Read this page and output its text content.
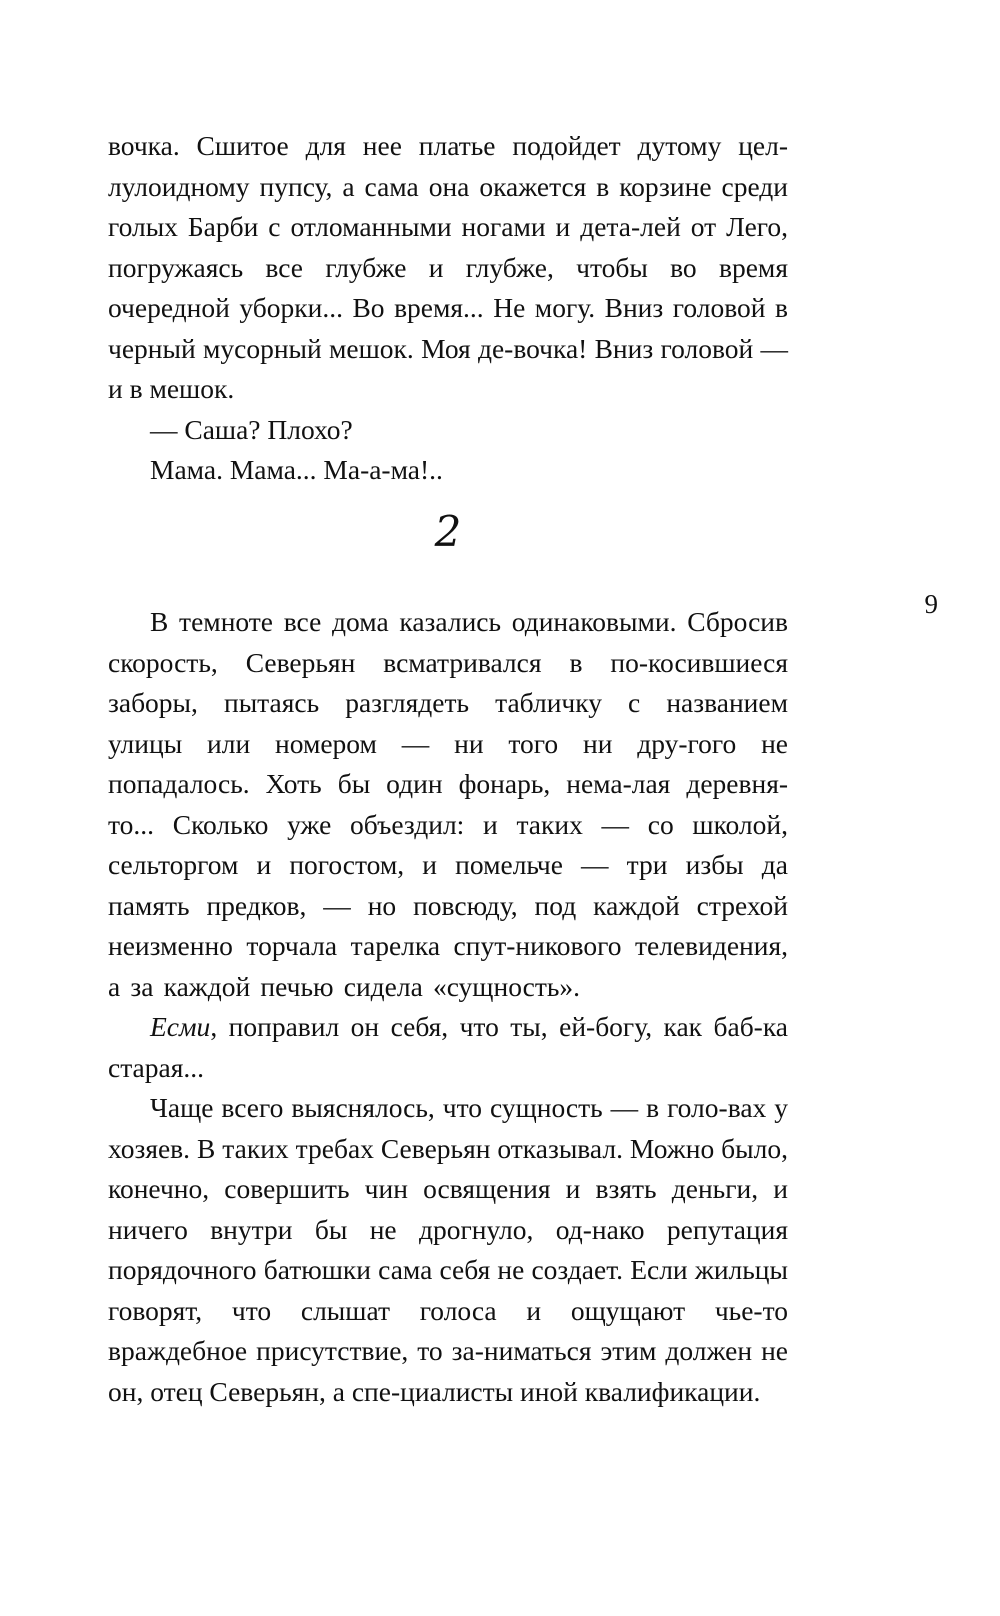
вочка. Сшитое для нее платье подойдет дутому цел-лулоидному пупсу, а сама она окажется в корзине среди голых Барби с отломанными ногами и дета-лей от Лего, погружаясь все глубже и глубже, чтобы во время очередной уборки... Во время... Не могу. Вниз головой в черный мусорный мешок. Моя де-вочка! Вниз головой — и в мешок.

— Саша? Плохо?

Мама. Мама... Ма-а-ма!..

В темноте все дома казались одинаковыми. Сбросив скорость, Северьян всматривался в по-косившиеся заборы, пытаясь разглядеть табличку с названием улицы или номером — ни того ни дру-гого не попадалось. Хоть бы один фонарь, нема-лая деревня-то... Сколько уже объездил: и таких — со школой, сельторгом и погостом, и помельче — три избы да память предков, — но повсюду, под каждой стрехой неизменно торчала тарелка спут-никового телевидения, а за каждой печью сидела «сущность».

Есми, поправил он себя, что ты, ей-богу, как баб-ка старая...

Чаще всего выяснялось, что сущность — в голо-вах у хозяев. В таких требах Северьян отказывал. Можно было, конечно, совершить чин освящения и взять деньги, и ничего внутри бы не дрогнуло, од-нако репутация порядочного батюшки сама себя не создает. Если жильцы говорят, что слышат голоса и ощущают чье-то враждебное присутствие, то за-ниматься этим должен не он, отец Северьян, а спе-циалисты иной квалификации.

2
9
